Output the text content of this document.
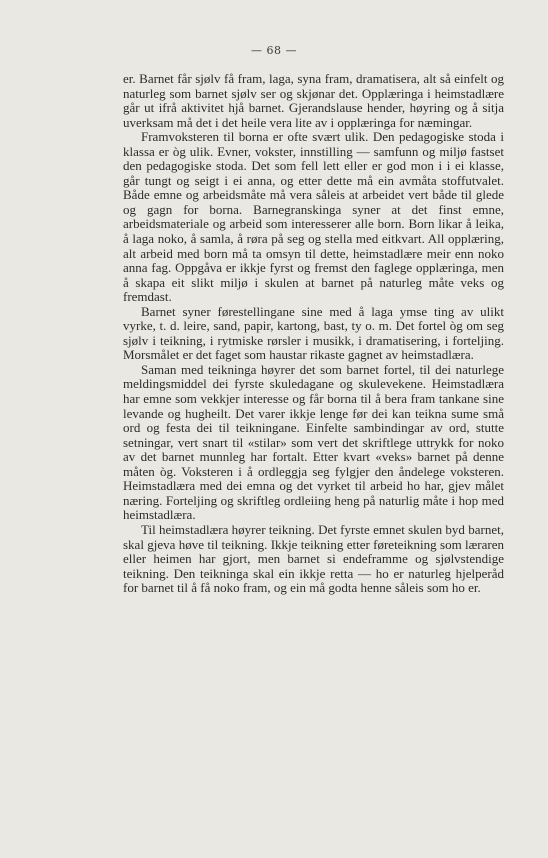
— 68 —

er. Barnet får sjølv få fram, laga, syna fram, dramatisera, alt så einfelt og naturleg som barnet sjølv ser og skjønar det. Opplæringa i heimstadlære går ut ifrå aktivitet hjå barnet. Gjerandslause hender, høyring og å sitja uverksam må det i det heile vera lite av i opplæringa for næmingar.

Framvoksteren til borna er ofte svært ulik. Den pedagogiske stoda i klassa er òg ulik. Evner, vokster, innstilling — samfunn og miljø fastset den pedagogiske stoda. Det som fell lett eller er god mon i i ei klasse, går tungt og seigt i ei anna, og etter dette må ein avmåta stoffutvalet. Både emne og arbeidsmåte må vera såleis at arbeidet vert både til glede og gagn for borna. Barnegranskinga syner at det finst emne, arbeidsmateriale og arbeid som interesserer alle born. Born likar å leika, å laga noko, å samla, å røra på seg og stella med eitkvart. All opplæring, alt arbeid med born må ta omsyn til dette, heimstadlære meir enn noko anna fag. Oppgåva er ikkje fyrst og fremst den faglege opplæringa, men å skapa eit slikt miljø i skulen at barnet på naturleg måte veks og fremdast.

Barnet syner førestellingane sine med å laga ymse ting av ulikt vyrke, t. d. leire, sand, papir, kartong, bast, ty o. m. Det fortel òg om seg sjølv i teikning, i rytmiske rørsler i musikk, i dramatisering, i forteljing. Morsmålet er det faget som haustar rikaste gagnet av heimstadlæra.

Saman med teikninga høyrer det som barnet fortel, til dei naturlege meldingsmiddel dei fyrste skuledagane og skulevekene. Heimstadlæra har emne som vekkjer interesse og får borna til å bera fram tankane sine levande og hugheilt. Det varer ikkje lenge før dei kan teikna sume små ord og festa dei til teikningane. Einfelte sambindingar av ord, stutte setningar, vert snart til «stilar» som vert det skriftlege uttrykk for noko av det barnet munnleg har fortalt. Etter kvart «veks» barnet på denne måten òg. Voksteren i å ordleggja seg fylgjer den åndelege voksteren. Heimstadlæra med dei emna og det vyrket til arbeid ho har, gjev målet næring. Forteljing og skriftleg ordleiing heng på naturlig måte i hop med heimstadlæra.

Til heimstadlæra høyrer teikning. Det fyrste emnet skulen byd barnet, skal gjeva høve til teikning. Ikkje teikning etter føreteikning som læraren eller heimen har gjort, men barnet si endeframme og sjølvstendige teikning. Den teikninga skal ein ikkje retta — ho er naturleg hjelperåd for barnet til å få noko fram, og ein må godta henne såleis som ho er.
